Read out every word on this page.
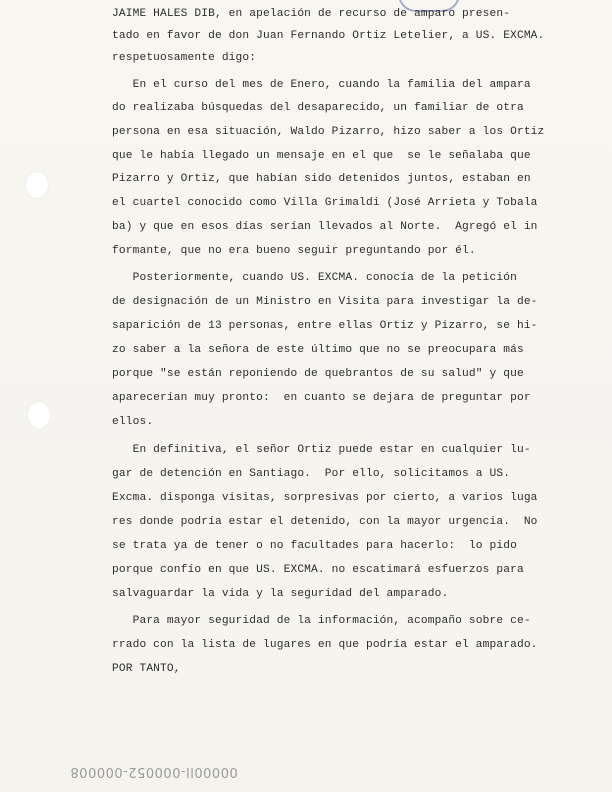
JAIME HALES DIB, en apelación de recurso de amparo presen-

tado en favor de don Juan Fernando Ortiz Letelier, a US. EXCMA.

respetuosamente digo:

En el curso del mes de Enero, cuando la familia del ampara

do realizaba búsquedas del desaparecido, un familiar de otra

persona en esa situación, Waldo Pizarro, hizo saber a los Ortiz

que le había llegado un mensaje en el que  se le señalaba que

Pizarro y Ortiz, que habían sido detenidos juntos, estaban en

el cuartel conocido como Villa Grimaldi (José Arrieta y Tobala

ba) y que en esos días serían llevados al Norte.  Agregó el in

formante, que no era bueno seguir preguntando por él.

Posteriormente, cuando US. EXCMA. conocía de la petición

de designación de un Ministro en Visita para investigar la de-

saparición de 13 personas, entre ellas Ortiz y Pizarro, se hi-

zo saber a la señora de este último que no se preocupara más

porque "se están reponiendo de quebrantos de su salud" y que

aparecerían muy pronto:  en cuanto se dejara de preguntar por

ellos.

En definitiva, el señor Ortiz puede estar en cualquier lu-

gar de detención en Santiago.  Por ello, solicitamos a US.

Excma. disponga visitas, sorpresivas por cierto, a varios luga

res donde podría estar el detenido, con la mayor urgencia.  No

se trata ya de tener o no facultades para hacerlo:  lo pido

porque confío en que US. EXCMA. no escatimará esfuerzos para

salvaguardar la vida y la seguridad del amparado.

Para mayor seguridad de la información, acompaño sobre ce-

rrado con la lista de lugares en que podría estar el amparado.

POR TANTO,

00000ll-000052-000008
